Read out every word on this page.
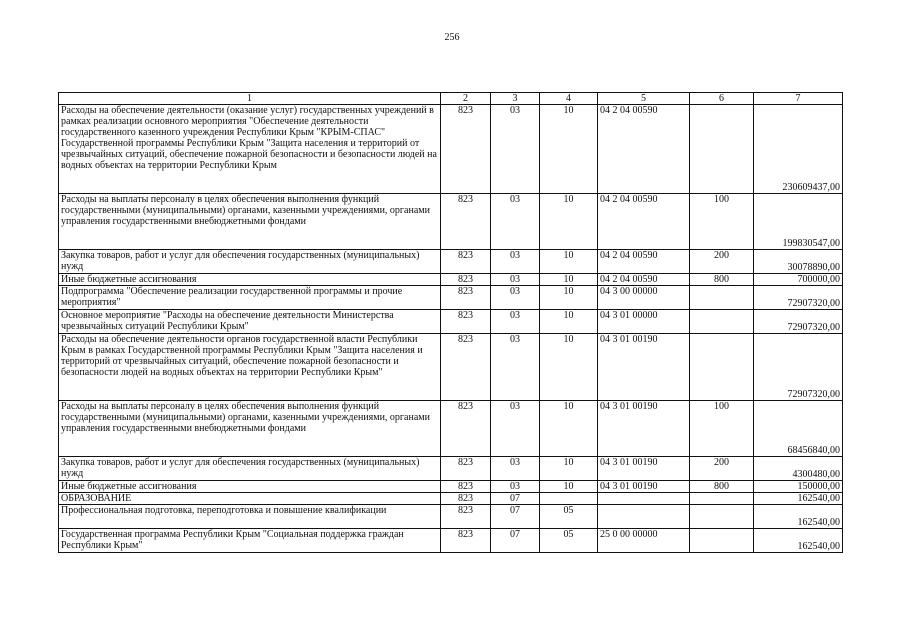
256
1	2	3	4	5	6	7
Расходы на обеспечение деятельности (оказание услуг) государственных учреждений в рамках реализации основного мероприятия "Обеспечение деятельности государственного казенного учреждения Республики Крым "КРЫМ-СПАС" Государственной программы Республики Крым "Защита населения и территорий от чрезвычайных ситуаций, обеспечение пожарной безопасности и безопасности людей на водных объектах на территории Республики Крым	823	03	10	04 2 04 00590		230609437,00
Расходы на выплаты персоналу в целях обеспечения выполнения функций государственными (муниципальными) органами, казенными учреждениями, органами управления государственными внебюджетными фондами	823	03	10	04 2 04 00590	100	199830547,00
Закупка товаров, работ и услуг для обеспечения государственных (муниципальных) нужд	823	03	10	04 2 04 00590	200	30078890,00
Иные бюджетные ассигнования	823	03	10	04 2 04 00590	800	700000,00
Подпрограмма "Обеспечение реализации государственной программы и прочие мероприятия"	823	03	10	04 3 00 00000		72907320,00
Основное мероприятие "Расходы на обеспечение деятельности Министерства чрезвычайных ситуаций Республики Крым"	823	03	10	04 3 01 00000		72907320,00
Расходы на обеспечение деятельности органов государственной власти Республики Крым в рамках Государственной программы Республики Крым "Защита населения и территорий от чрезвычайных ситуаций, обеспечение пожарной безопасности и безопасности людей на водных объектах на территории Республики Крым"	823	03	10	04 3 01 00190		72907320,00
Расходы на выплаты персоналу в целях обеспечения выполнения функций государственными (муниципальными) органами, казенными учреждениями, органами управления государственными внебюджетными фондами	823	03	10	04 3 01 00190	100	68456840,00
Закупка товаров, работ и услуг для обеспечения государственных (муниципальных) нужд	823	03	10	04 3 01 00190	200	4300480,00
Иные бюджетные ассигнования	823	03	10	04 3 01 00190	800	150000,00
ОБРАЗОВАНИЕ	823	07				162540,00
Профессиональная подготовка, переподготовка и повышение квалификации	823	07	05			162540,00
Государственная программа Республики Крым "Социальная поддержка граждан Республики Крым"	823	07	05	25 0 00 00000		162540,00
